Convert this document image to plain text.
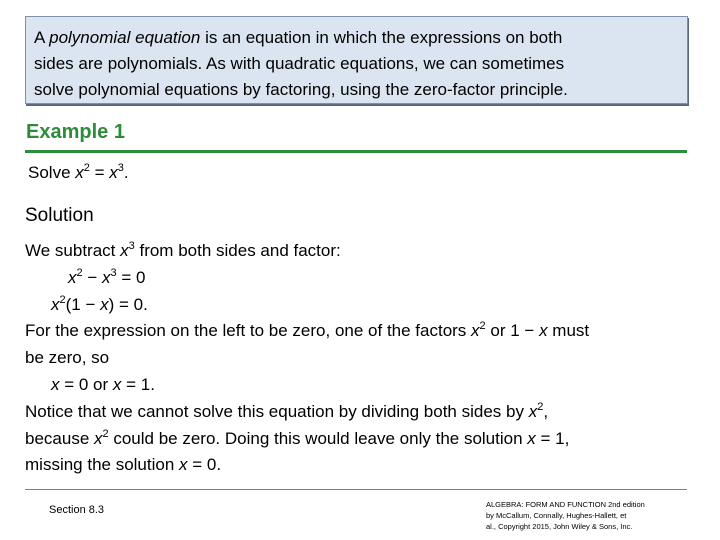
A polynomial equation is an equation in which the expressions on both

sides are polynomials. As with quadratic equations, we can sometimes

solve polynomial equations by factoring, using the zero-factor principle.

Example 1
Solve $x^2 = x^3$.
Solution
We subtract $x^3$ from both sides and factor:
$x^2 - x^3 = 0$
$x^2(1 - x) = 0$.
For the expression on the left to be zero, one of the factors $x^2$ or 1 − x must
be zero, so
x = 0 or x = 1.
Notice that we cannot solve this equation by dividing both sides by $x^2$,
because $x^2$ could be zero. Doing this would leave only the solution x = 1,
missing the solution x = 0.
Section 8.3	ALGEBRA: FORM AND FUNCTION 2nd edition
by McCallum, Connally, Hughes-Hallett, et
al., Copyright 2015, John Wiley & Sons, Inc.
